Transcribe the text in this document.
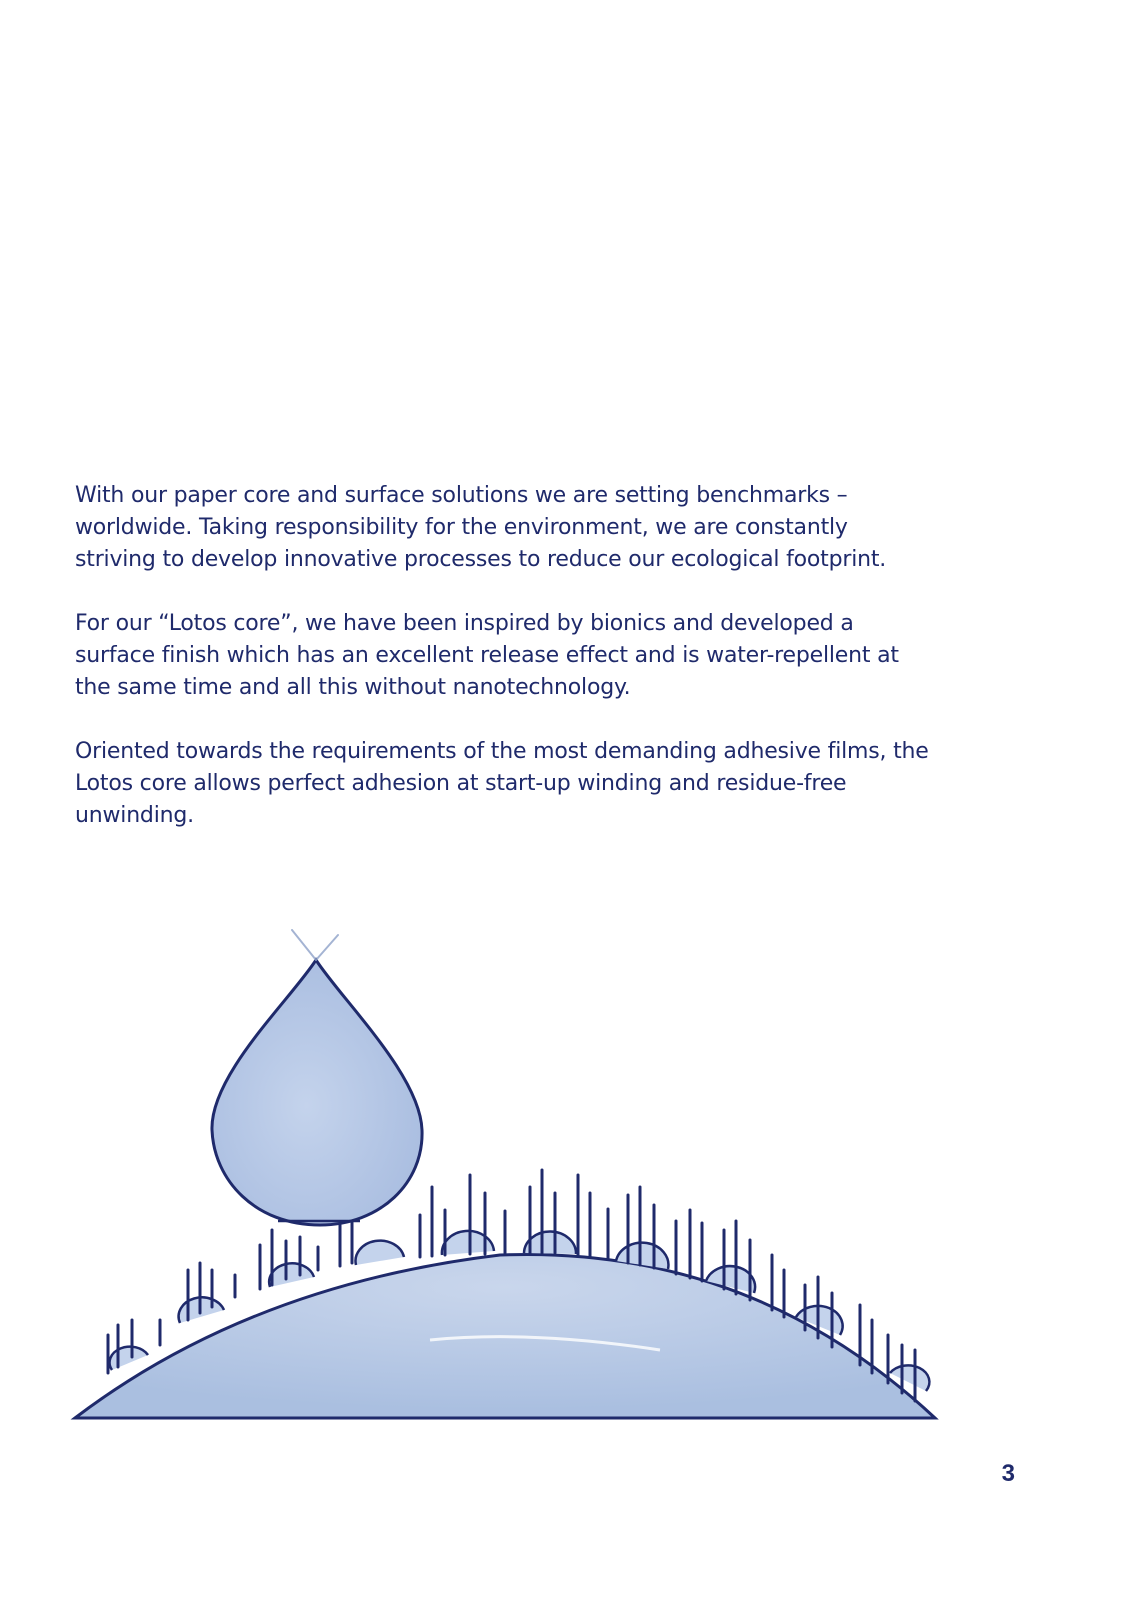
With our paper core and surface solutions we are setting benchmarks – worldwide. Taking responsibility for the environment, we are constantly striving to develop innovative processes to reduce our ecological footprint.

For our “Lotos core”, we have been inspired by bionics and developed a surface finish which has an excellent release effect and is water-repellent at the same time and all this without nanotechnology.

Oriented towards the requirements of the most demanding adhesive films, the Lotos core allows perfect adhesion at start-up winding and residue-free unwinding.

3
